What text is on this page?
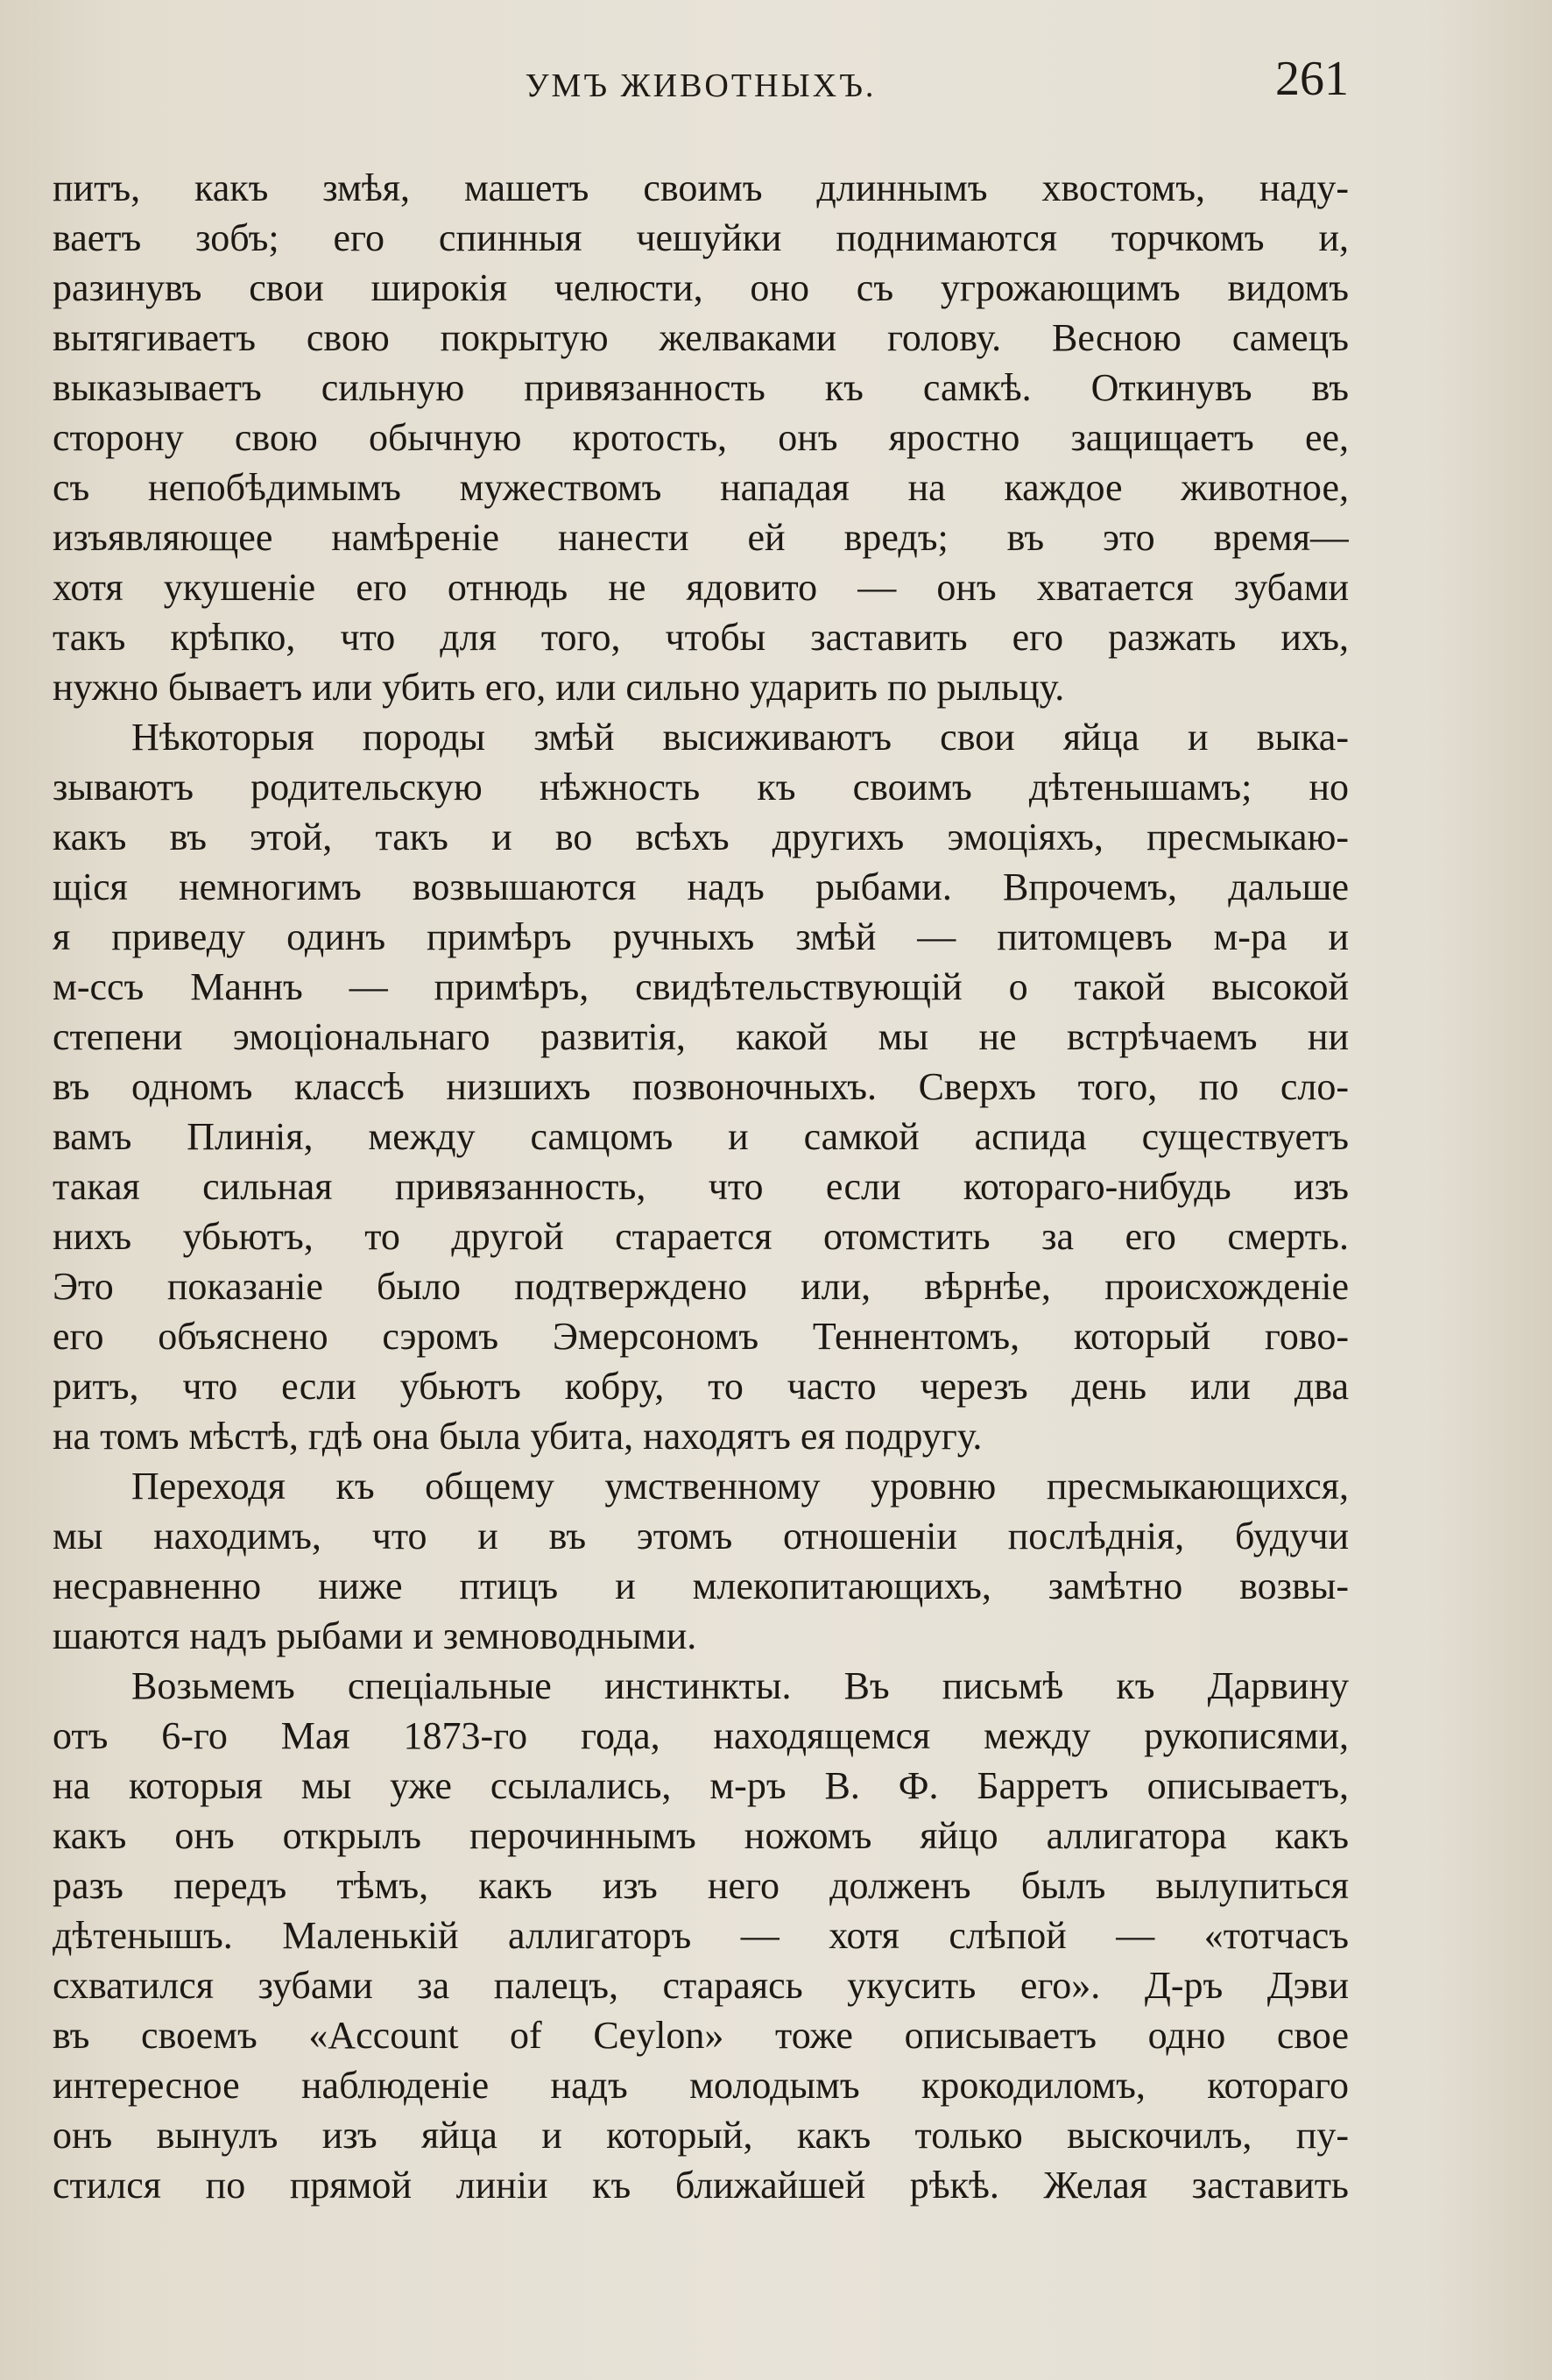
УМЪ ЖИВОТНЫХЪ.	261
питъ, какъ змѣя, машетъ своимъ длиннымъ хвостомъ, наду-
ваетъ зобъ; его спинныя чешуйки поднимаются торчкомъ и,
разинувъ свои широкія челюсти, оно съ угрожающимъ видомъ
вытягиваетъ свою покрытую желваками голову. Весною самецъ
выказываетъ сильную привязанность къ самкѣ. Откинувъ въ
сторону свою обычную кротость, онъ яростно защищаетъ ее,
съ непобѣдимымъ мужествомъ нападая на каждое животное,
изъявляющее намѣреніе нанести ей вредъ; въ это время—
хотя укушеніе его отнюдь не ядовито — онъ хватается зубами
такъ крѣпко, что для того, чтобы заставить его разжать ихъ,
нужно бываетъ или убить его, или сильно ударить по рыльцу.
Нѣкоторыя породы змѣй высиживаютъ свои яйца и выка-
зываютъ родительскую нѣжность къ своимъ дѣтенышамъ; но
какъ въ этой, такъ и во всѣхъ другихъ эмоціяхъ, пресмыкаю-
щіся немногимъ возвышаются надъ рыбами. Впрочемъ, дальше
я приведу одинъ примѣръ ручныхъ змѣй — питомцевъ м-ра и
м-ссъ Маннъ — примѣръ, свидѣтельствующій о такой высокой
степени эмоціональнаго развитія, какой мы не встрѣчаемъ ни
въ одномъ классѣ низшихъ позвоночныхъ. Сверхъ того, по сло-
вамъ Плинія, между самцомъ и самкой аспида существуетъ
такая сильная привязанность, что если котораго-нибудь изъ
нихъ убьютъ, то другой старается отомстить за его смерть.
Это показаніе было подтверждено или, вѣрнѣе, происхожденіе
его объяснено сэромъ Эмерсономъ Теннентомъ, который гово-
ритъ, что если убьютъ кобру, то часто черезъ день или два
на томъ мѣстѣ, гдѣ она была убита, находятъ ея подругу.
Переходя къ общему умственному уровню пресмыкающихся,
мы находимъ, что и въ этомъ отношеніи послѣднія, будучи
несравненно ниже птицъ и млекопитающихъ, замѣтно возвы-
шаются надъ рыбами и земноводными.
Возьмемъ спеціальные инстинкты. Въ письмѣ къ Дарвину
отъ 6-го Мая 1873-го года, находящемся между рукописями,
на которыя мы уже ссылались, м-ръ В. Ф. Барретъ описываетъ,
какъ онъ открылъ перочиннымъ ножомъ яйцо аллигатора какъ
разъ передъ тѣмъ, какъ изъ него долженъ былъ вылупиться
дѣтенышъ. Маленькій аллигаторъ — хотя слѣпой — «тотчасъ
схватился зубами за палецъ, стараясь укусить его». Д-ръ Дэви
въ своемъ «Account of Ceylon» тоже описываетъ одно свое
интересное наблюденіе надъ молодымъ крокодиломъ, котораго
онъ вынулъ изъ яйца и который, какъ только выскочилъ, пу-
стился по прямой линіи къ ближайшей рѣкѣ. Желая заставить
